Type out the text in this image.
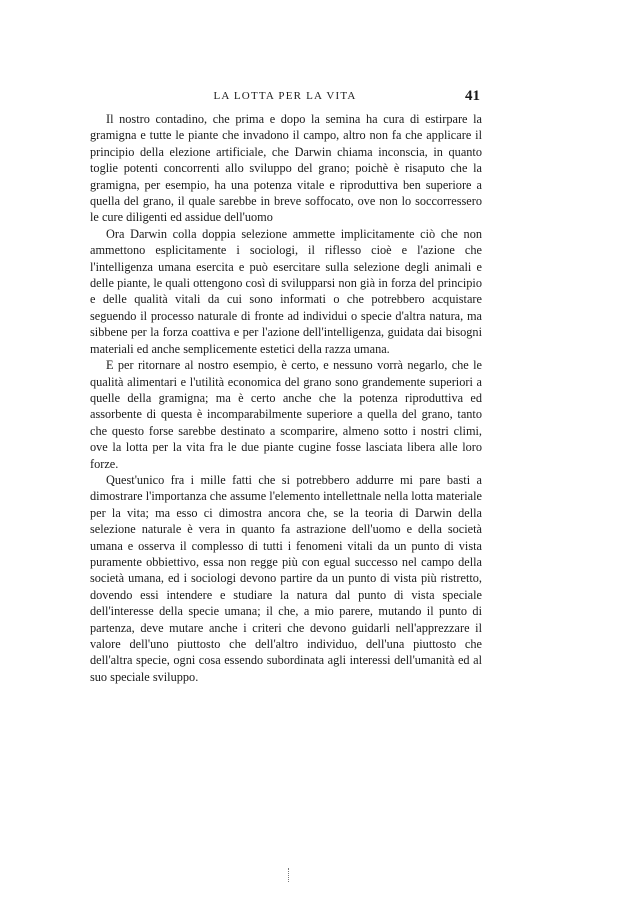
LA LOTTA PER LA VITA	41

Il nostro contadino, che prima e dopo la semina ha cura di estirpare la gramigna e tutte le piante che invadono il campo, altro non fa che applicare il principio della elezione artificiale, che Darwin chiama inconscia, in quanto toglie potenti concorrenti allo sviluppo del grano; poichè è risaputo che la gramigna, per esempio, ha una potenza vitale e riproduttiva ben superiore a quella del grano, il quale sarebbe in breve soffocato, ove non lo soccorressero le cure diligenti ed assidue dell'uomo

Ora Darwin colla doppia selezione ammette implicitamente ciò che non ammettono esplicitamente i sociologi, il riflesso cioè e l'azione che l'intelligenza umana esercita e può esercitare sulla selezione degli animali e delle piante, le quali ottengono così di svilupparsi non già in forza del principio e delle qualità vitali da cui sono informati o che potrebbero acquistare seguendo il processo naturale di fronte ad individui o specie d'altra natura, ma sibbene per la forza coattiva e per l'azione dell'intelligenza, guidata dai bisogni materiali ed anche semplicemente estetici della razza umana.

E per ritornare al nostro esempio, è certo, e nessuno vorrà negarlo, che le qualità alimentari e l'utilità economica del grano sono grandemente superiori a quelle della gramigna; ma è certo anche che la potenza riproduttiva ed assorbente di questa è incomparabilmente superiore a quella del grano, tanto che questo forse sarebbe destinato a scomparire, almeno sotto i nostri climi, ove la lotta per la vita fra le due piante cugine fosse lasciata libera alle loro forze.

Quest'unico fra i mille fatti che si potrebbero addurre mi pare basti a dimostrare l'importanza che assume l'elemento intellettnale nella lotta materiale per la vita; ma esso ci dimostra ancora che, se la teoria di Darwin della selezione naturale è vera in quanto fa astrazione dell'uomo e della società umana e osserva il complesso di tutti i fenomeni vitali da un punto di vista puramente obbiettivo, essa non regge più con egual successo nel campo della società umana, ed i sociologi devono partire da un punto di vista più ristretto, dovendo essi intendere e studiare la natura dal punto di vista speciale dell'interesse della specie umana; il che, a mio parere, mutando il punto di partenza, deve mutare anche i criteri che devono guidarli nell'apprezzare il valore dell'uno piuttosto che dell'altro individuo, dell'una piuttosto che dell'altra specie, ogni cosa essendo subordinata agli interessi dell'umanità ed al suo speciale sviluppo.
